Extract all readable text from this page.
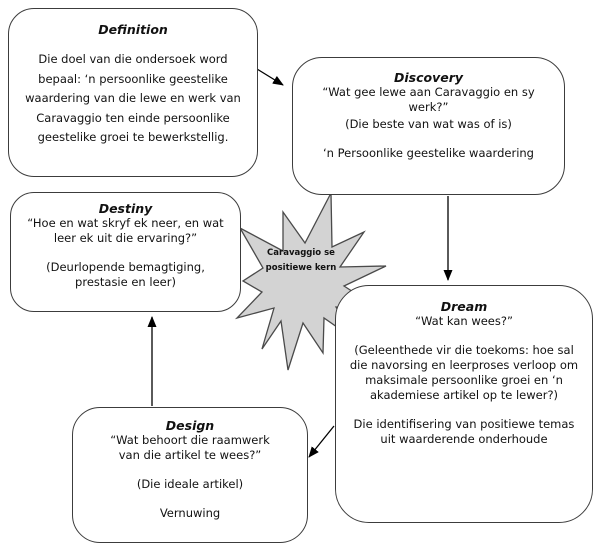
Caravaggio se positiewe kern
Definition

Die doel van die ondersoek word bepaal: ‘n persoonlike geestelike waardering van die lewe en werk van Caravaggio ten einde persoonlike geestelike groei te bewerkstellig.

Discovery

“Wat gee lewe aan Caravaggio en sy werk?”

(Die beste van wat was of is)

‘n Persoonlike geestelike waardering

Destiny

“Hoe en wat skryf ek neer, en wat leer ek uit die ervaring?”

(Deurlopende bemagtiging, prestasie en leer)

Dream

“Wat kan wees?”

(Geleenthede vir die toekoms: hoe sal die navorsing en leerproses verloop om maksimale persoonlike groei en ‘n akademiese artikel op te lewer?)

Die identifisering van positiewe temas uit waarderende onderhoude

Design

“Wat behoort die raamwerk van die artikel te wees?”

(Die ideale artikel)

Vernuwing
